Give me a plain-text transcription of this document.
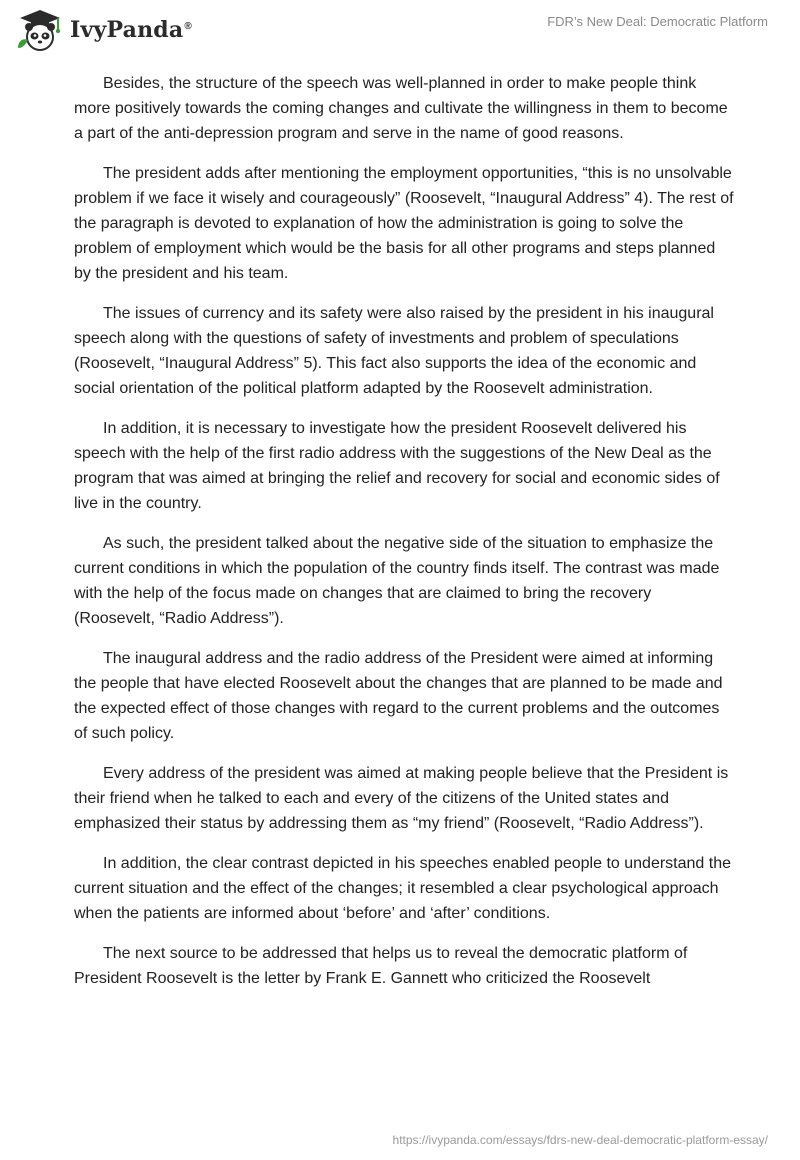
IvyPanda®	FDR’s New Deal: Democratic Platform

Besides, the structure of the speech was well-planned in order to make people think more positively towards the coming changes and cultivate the willingness in them to become a part of the anti-depression program and serve in the name of good reasons.

The president adds after mentioning the employment opportunities, “this is no unsolvable problem if we face it wisely and courageously” (Roosevelt, “Inaugural Address” 4). The rest of the paragraph is devoted to explanation of how the administration is going to solve the problem of employment which would be the basis for all other programs and steps planned by the president and his team.

The issues of currency and its safety were also raised by the president in his inaugural speech along with the questions of safety of investments and problem of speculations (Roosevelt, “Inaugural Address” 5). This fact also supports the idea of the economic and social orientation of the political platform adapted by the Roosevelt administration.

In addition, it is necessary to investigate how the president Roosevelt delivered his speech with the help of the first radio address with the suggestions of the New Deal as the program that was aimed at bringing the relief and recovery for social and economic sides of live in the country.

As such, the president talked about the negative side of the situation to emphasize the current conditions in which the population of the country finds itself. The contrast was made with the help of the focus made on changes that are claimed to bring the recovery (Roosevelt, “Radio Address”).

The inaugural address and the radio address of the President were aimed at informing the people that have elected Roosevelt about the changes that are planned to be made and the expected effect of those changes with regard to the current problems and the outcomes of such policy.

Every address of the president was aimed at making people believe that the President is their friend when he talked to each and every of the citizens of the United states and emphasized their status by addressing them as “my friend” (Roosevelt, “Radio Address”).

In addition, the clear contrast depicted in his speeches enabled people to understand the current situation and the effect of the changes; it resembled a clear psychological approach when the patients are informed about ‘before’ and ‘after’ conditions.

The next source to be addressed that helps us to reveal the democratic platform of President Roosevelt is the letter by Frank E. Gannett who criticized the Roosevelt

https://ivypanda.com/essays/fdrs-new-deal-democratic-platform-essay/
